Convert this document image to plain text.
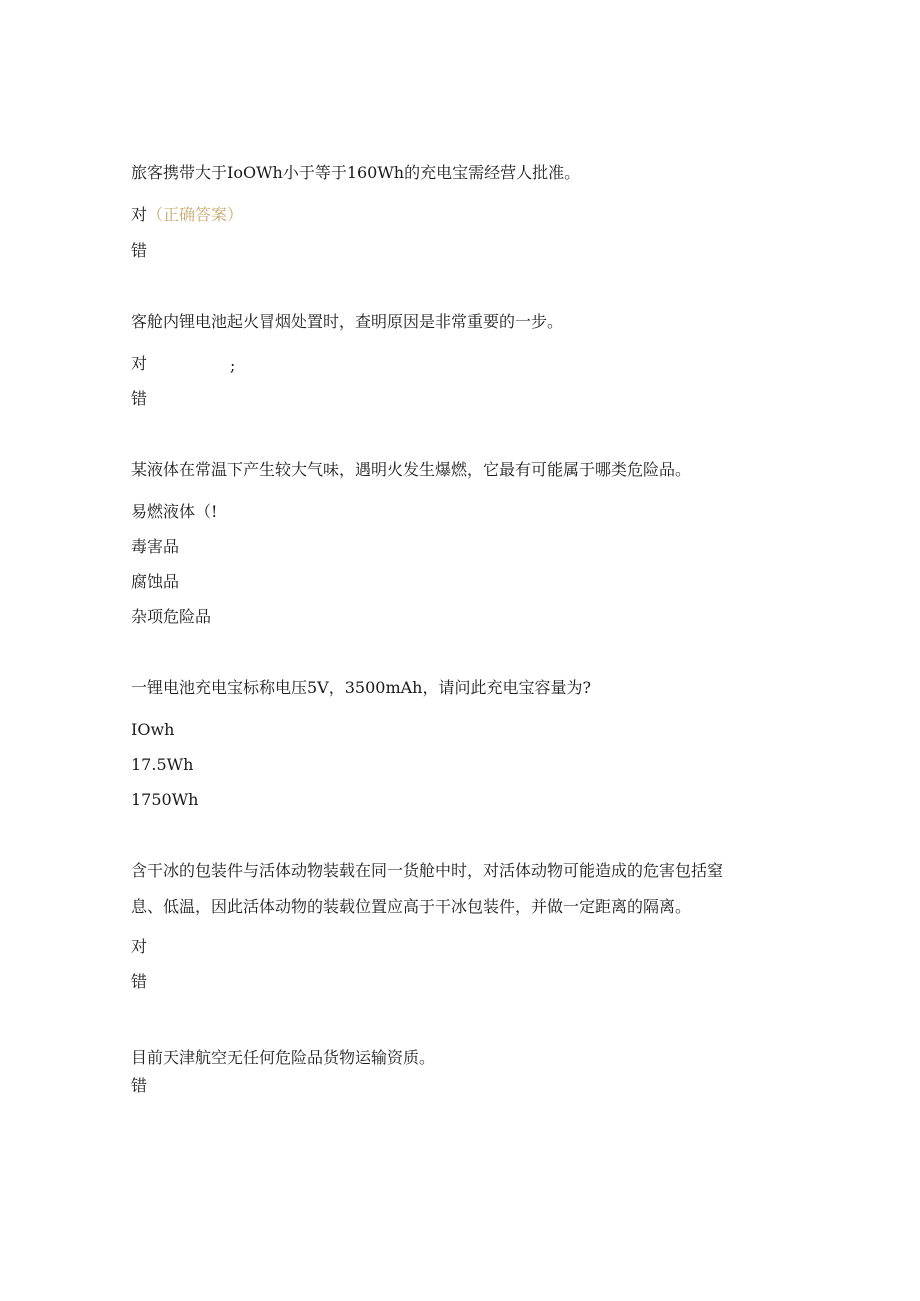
旅客携带大于IoOWh小于等于160Wh的充电宝需经营人批准。
对（正确答案）
错
客舱内锂电池起火冒烟处置时，查明原因是非常重要的一步。
对	;
错
某液体在常温下产生较大气味，遇明火发生爆燃，它最有可能属于哪类危险品。
易燃液体（!
毒害品
腐蚀品
杂项危险品
一锂电池充电宝标称电压5V，3500mAh，请问此充电宝容量为?
IOwh
17.5Wh
1750Wh
含干冰的包装件与活体动物装载在同一货舱中时，对活体动物可能造成的危害包括窒
息、低温，因此活体动物的装载位置应高于干冰包装件，并做一定距离的隔离。
对
错
目前天津航空无任何危险品货物运输资质。
错
